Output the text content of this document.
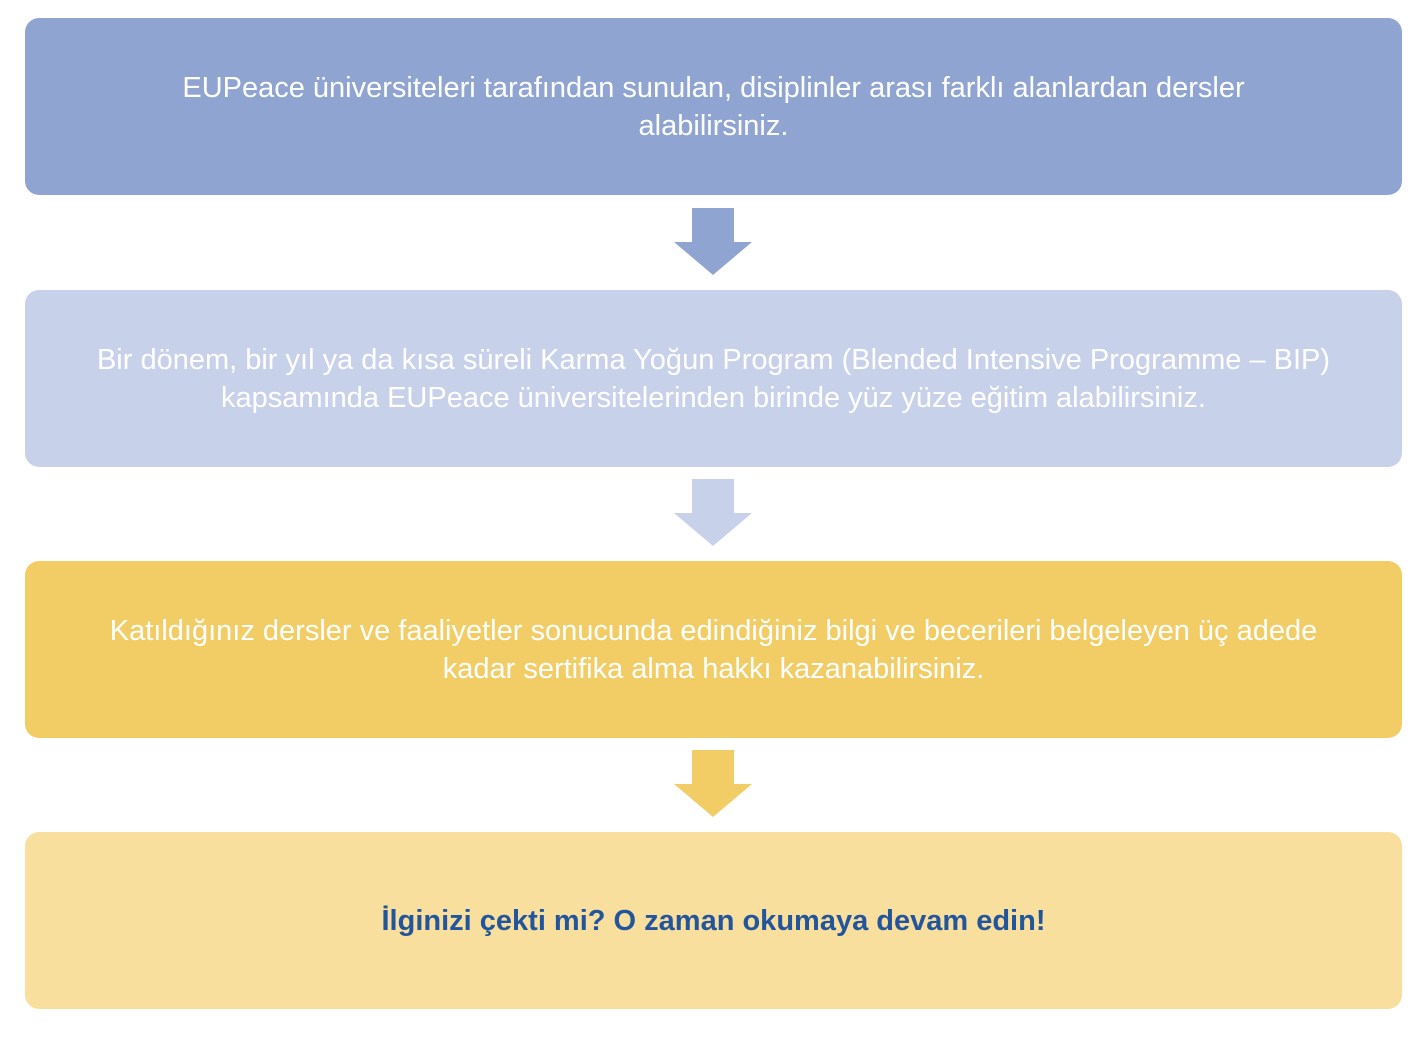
EUPeace üniversiteleri tarafından sunulan, disiplinler arası farklı alanlardan dersler
alabilirsiniz.
Bir dönem, bir yıl ya da kısa süreli Karma Yoğun Program (Blended Intensive Programme – BIP)
kapsamında EUPeace üniversitelerinden birinde yüz yüze eğitim alabilirsiniz.
Katıldığınız dersler ve faaliyetler sonucunda edindiğiniz bilgi ve becerileri belgeleyen üç adede
kadar sertifika alma hakkı kazanabilirsiniz.
İlginizi çekti mi? O zaman okumaya devam edin!
